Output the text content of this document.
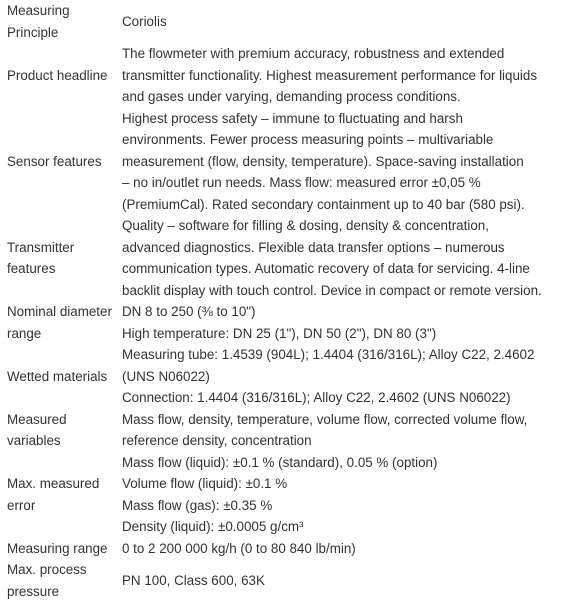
Measuring Principle	Coriolis

Product headline	The flowmeter with premium accuracy, robustness and extended
transmitter functionality. Highest measurement performance for liquids
and gases under varying, demanding process conditions.

Sensor features	Highest process safety – immune to fluctuating and harsh
environments. Fewer process measuring points – multivariable
measurement (flow, density, temperature). Space‐saving installation
– no in/outlet run needs. Mass flow: measured error ±0,05 %
(PremiumCal). Rated secondary containment up to 40 bar (580 psi).

Transmitter features	Quality – software for filling & dosing, density & concentration,
advanced diagnostics. Flexible data transfer options – numerous
communication types. Automatic recovery of data for servicing. 4‐line
backlit display with touch control. Device in compact or remote version.

Nominal diameter range	DN 8 to 250 (⅜ to 10")
High temperature: DN 25 (1"), DN 50 (2"), DN 80 (3")

Wetted materials	Measuring tube: 1.4539 (904L); 1.4404 (316/316L); Alloy C22, 2.4602
(UNS N06022)
Connection: 1.4404 (316/316L); Alloy C22, 2.4602 (UNS N06022)

Measured variables	Mass flow, density, temperature, volume flow, corrected volume flow,
reference density, concentration

Max. measured error	Mass flow (liquid): ±0.1 % (standard), 0.05 % (option)
Volume flow (liquid): ±0.1 %
Mass flow (gas): ±0.35 %
Density (liquid): ±0.0005 g/cm³

Measuring range	0 to 2 200 000 kg/h (0 to 80 840 lb/min)

Max. process pressure	PN 100, Class 600, 63K
